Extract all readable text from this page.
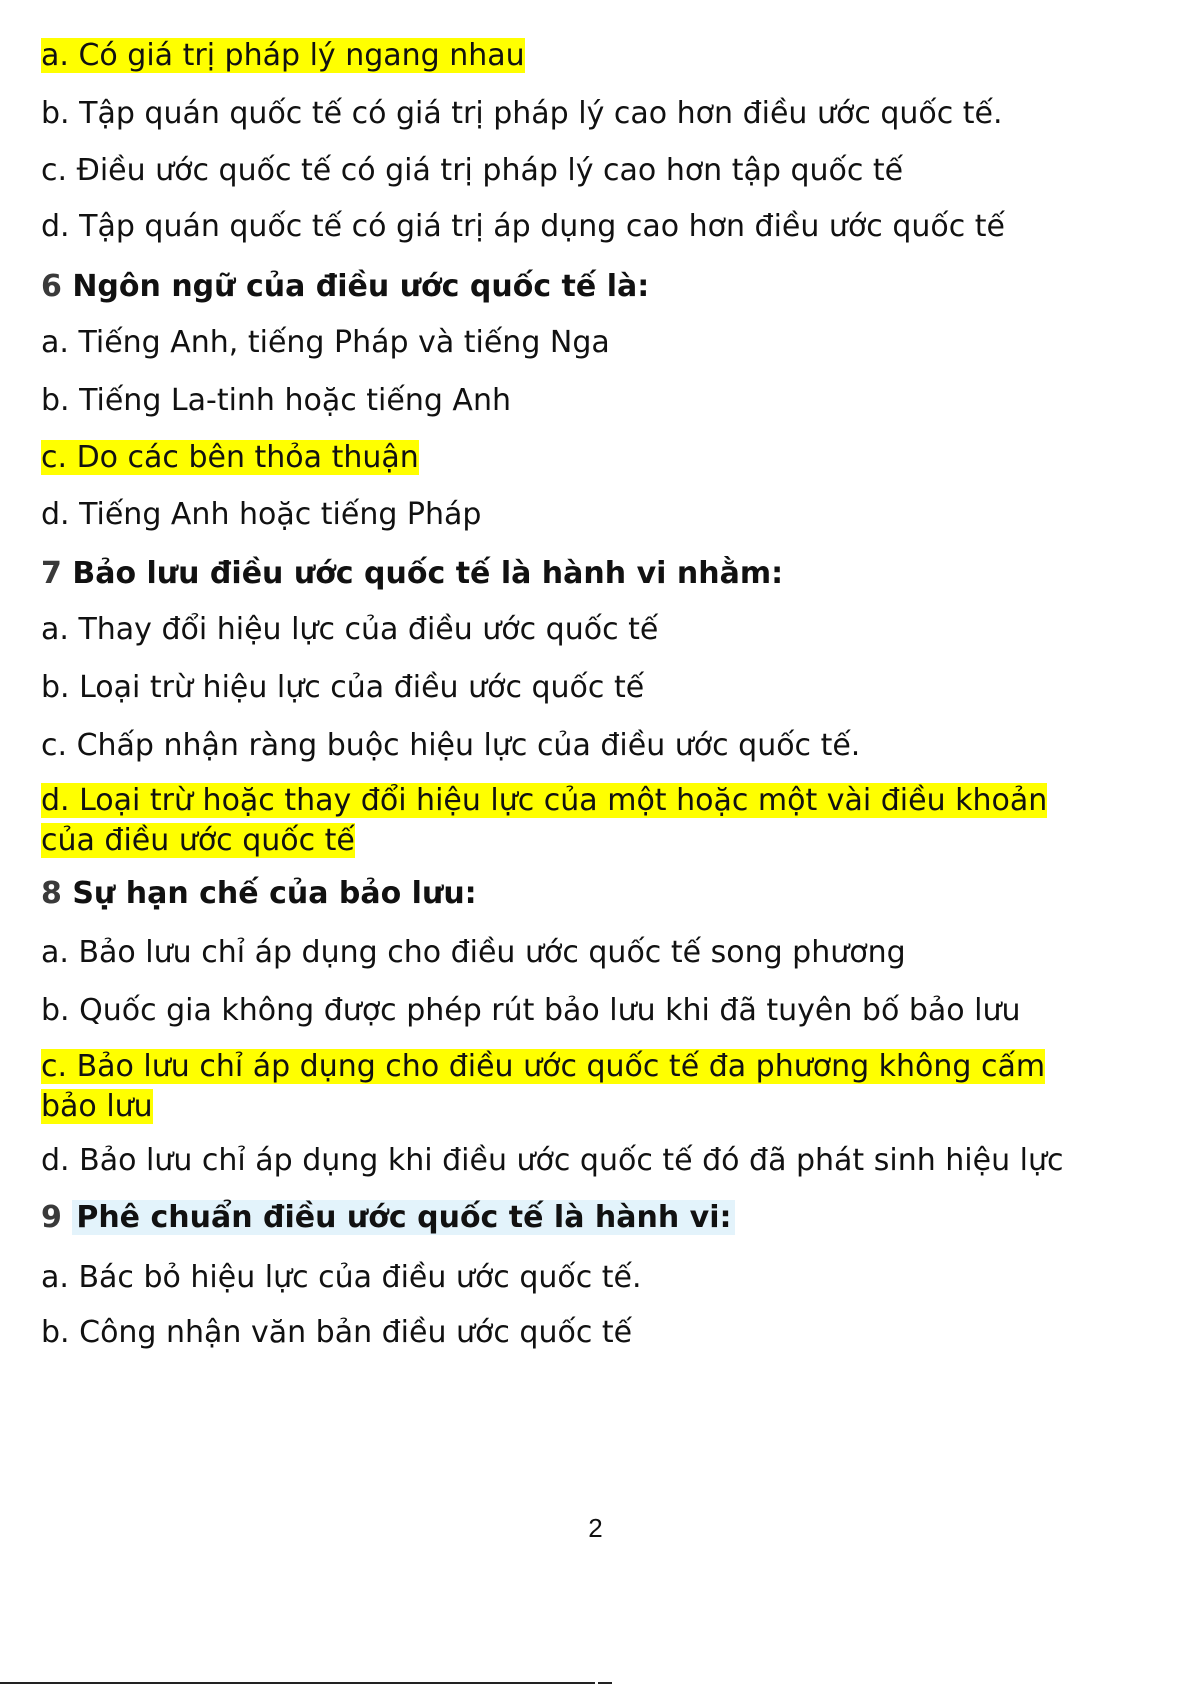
a. Có giá trị pháp lý ngang nhau
b. Tập quán quốc tế có giá trị pháp lý cao hơn điều ước quốc tế.
c. Điều ước quốc tế có giá trị pháp lý cao hơn tập quốc tế
d. Tập quán quốc tế có giá trị áp dụng cao hơn điều ước quốc tế
6 Ngôn ngữ của điều ước quốc tế là:
a. Tiếng Anh, tiếng Pháp và tiếng Nga
b. Tiếng La-tinh hoặc tiếng Anh
c. Do các bên thỏa thuận
d. Tiếng Anh hoặc tiếng Pháp
7 Bảo lưu điều ước quốc tế là hành vi nhằm:
a. Thay đổi hiệu lực của điều ước quốc tế
b. Loại trừ hiệu lực của điều ước quốc tế
c. Chấp nhận ràng buộc hiệu lực của điều ước quốc tế.
d. Loại trừ hoặc thay đổi hiệu lực của một hoặc một vài điều khoản của điều ước quốc tế
8 Sự hạn chế của bảo lưu:
a. Bảo lưu chỉ áp dụng cho điều ước quốc tế song phương
b. Quốc gia không được phép rút bảo lưu khi đã tuyên bố bảo lưu
c. Bảo lưu chỉ áp dụng cho điều ước quốc tế đa phương không cấm bảo lưu
d. Bảo lưu chỉ áp dụng khi điều ước quốc tế đó đã phát sinh hiệu lực
9 Phê chuẩn điều ước quốc tế là hành vi:
a. Bác bỏ hiệu lực của điều ước quốc tế.
b. Công nhận văn bản điều ước quốc tế
2
